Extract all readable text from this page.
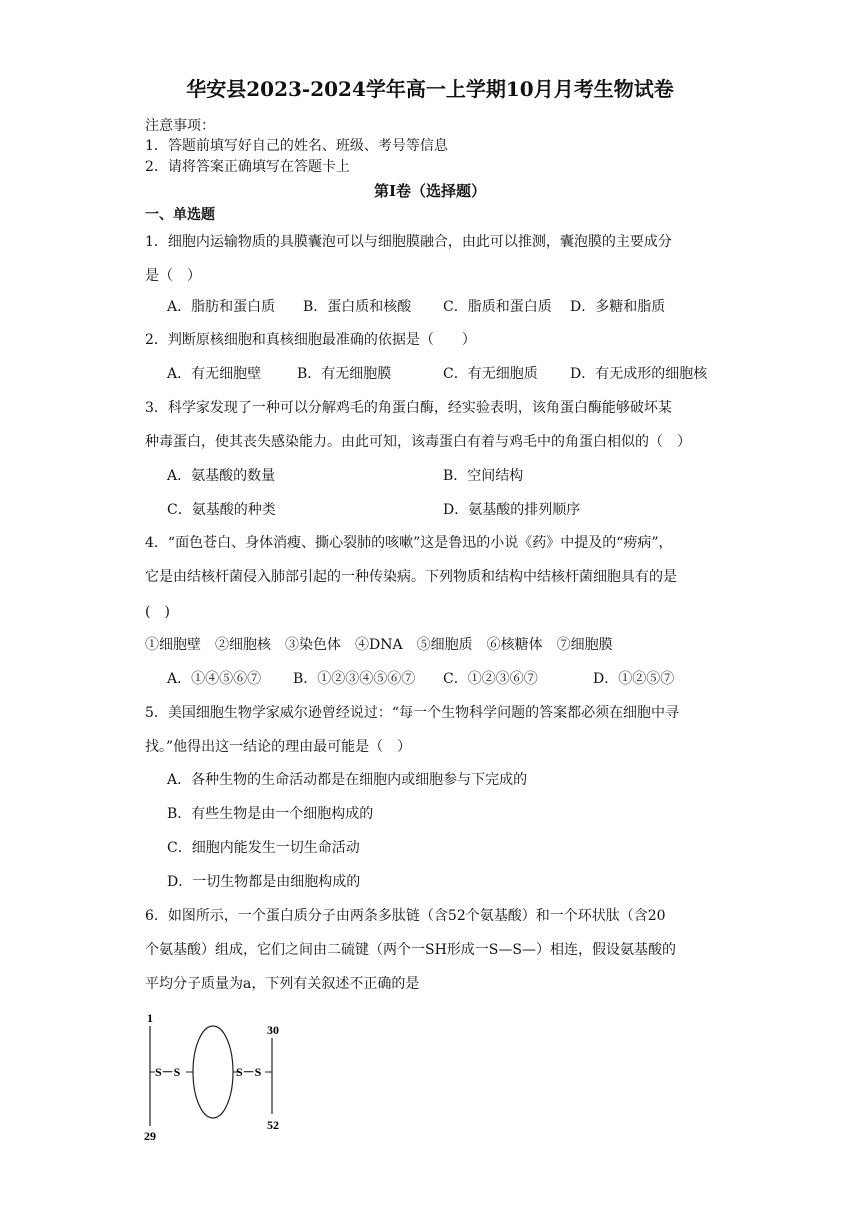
华安县2023-2024学年高一上学期10月月考生物试卷
注意事项：
1．答题前填写好自己的姓名、班级、考号等信息
2．请将答案正确填写在答题卡上
第I卷（选择题）
一、单选题
1．细胞内运输物质的具膜囊泡可以与细胞膜融合，由此可以推测，囊泡膜的主要成分
是（　）
A．脂肪和蛋白质 B．蛋白质和核酸 C．脂质和蛋白质 D．多糖和脂质
2．判断原核细胞和真核细胞最准确的依据是（　　）
A．有无细胞壁	B．有无细胞膜	C．有无细胞质 D．有无成形的细胞核
3．科学家发现了一种可以分解鸡毛的角蛋白酶，经实验表明，该角蛋白酶能够破坏某
种毒蛋白，使其丧失感染能力。由此可知，该毒蛋白有着与鸡毛中的角蛋白相似的（　）
A．氨基酸的数量	B．空间结构
C．氨基酸的种类	D．氨基酸的排列顺序
4．“面色苍白、身体消瘦、撕心裂肺的咳嗽”这是鲁迅的小说《药》中提及的“痨病”，
它是由结核杆菌侵入肺部引起的一种传染病。下列物质和结构中结核杆菌细胞具有的是
(　)
①细胞壁　②细胞核　③染色体　④DNA　⑤细胞质　⑥核糖体　⑦细胞膜
A．①④⑤⑥⑦ B．①②③④⑤⑥⑦ C．①②③⑥⑦	D．①②⑤⑦
5．美国细胞生物学家威尔逊曾经说过：“每一个生物科学问题的答案都必须在细胞中寻
找。”他得出这一结论的理由最可能是（　）
A．各种生物的生命活动都是在细胞内或细胞参与下完成的
B．有些生物是由一个细胞构成的
C．细胞内能发生一切生命活动
D．一切生物都是由细胞构成的
6．如图所示，一个蛋白质分子由两条多肽链（含52个氨基酸）和一个环状肽（含20
个氨基酸）组成，它们之间由二硫键（两个一SH形成一S—S—）相连，假设氨基酸的
平均分子质量为a，下列有关叙述不正确的是
1
S－S	S－S
30
52
29
